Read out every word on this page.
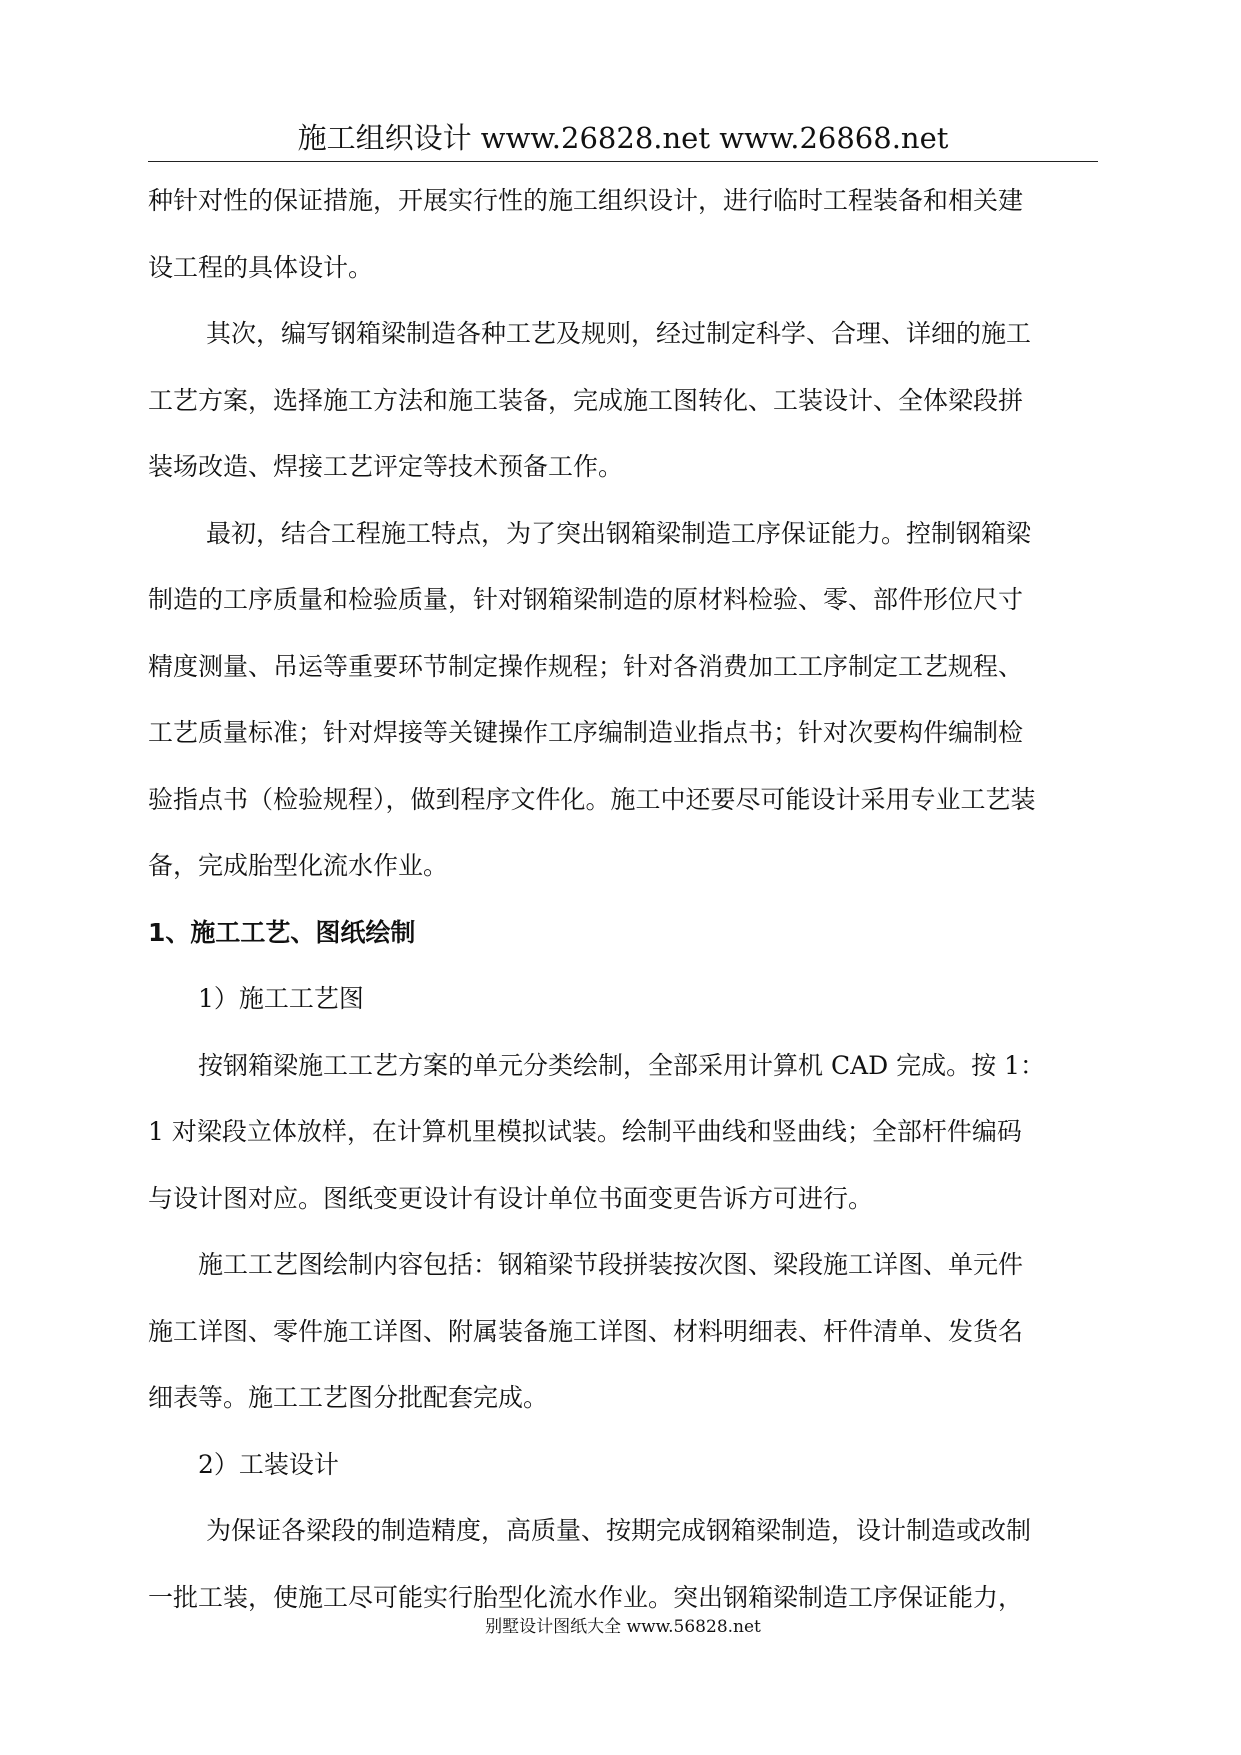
施工组织设计 www.26828.net www.26868.net
种针对性的保证措施，开展实行性的施工组织设计，进行临时工程装备和相关建
设工程的具体设计。
其次，编写钢箱梁制造各种工艺及规则，经过制定科学、合理、详细的施工
工艺方案，选择施工方法和施工装备，完成施工图转化、工装设计、全体梁段拼
装场改造、焊接工艺评定等技术预备工作。
最初，结合工程施工特点，为了突出钢箱梁制造工序保证能力。控制钢箱梁
制造的工序质量和检验质量，针对钢箱梁制造的原材料检验、零、部件形位尺寸
精度测量、吊运等重要环节制定操作规程；针对各消费加工工序制定工艺规程、
工艺质量标准；针对焊接等关键操作工序编制造业指点书；针对次要构件编制检
验指点书（检验规程），做到程序文件化。施工中还要尽可能设计采用专业工艺装
备，完成胎型化流水作业。
1、施工工艺、图纸绘制
1）施工工艺图
按钢箱梁施工工艺方案的单元分类绘制，全部采用计算机 CAD 完成。按 1：
1 对梁段立体放样，在计算机里模拟试装。绘制平曲线和竖曲线；全部杆件编码
与设计图对应。图纸变更设计有设计单位书面变更告诉方可进行。
施工工艺图绘制内容包括：钢箱梁节段拼装按次图、梁段施工详图、单元件
施工详图、零件施工详图、附属装备施工详图、材料明细表、杆件清单、发货名
细表等。施工工艺图分批配套完成。
2）工装设计
为保证各梁段的制造精度，高质量、按期完成钢箱梁制造，设计制造或改制
一批工装，使施工尽可能实行胎型化流水作业。突出钢箱梁制造工序保证能力，
别墅设计图纸大全 www.56828.net
